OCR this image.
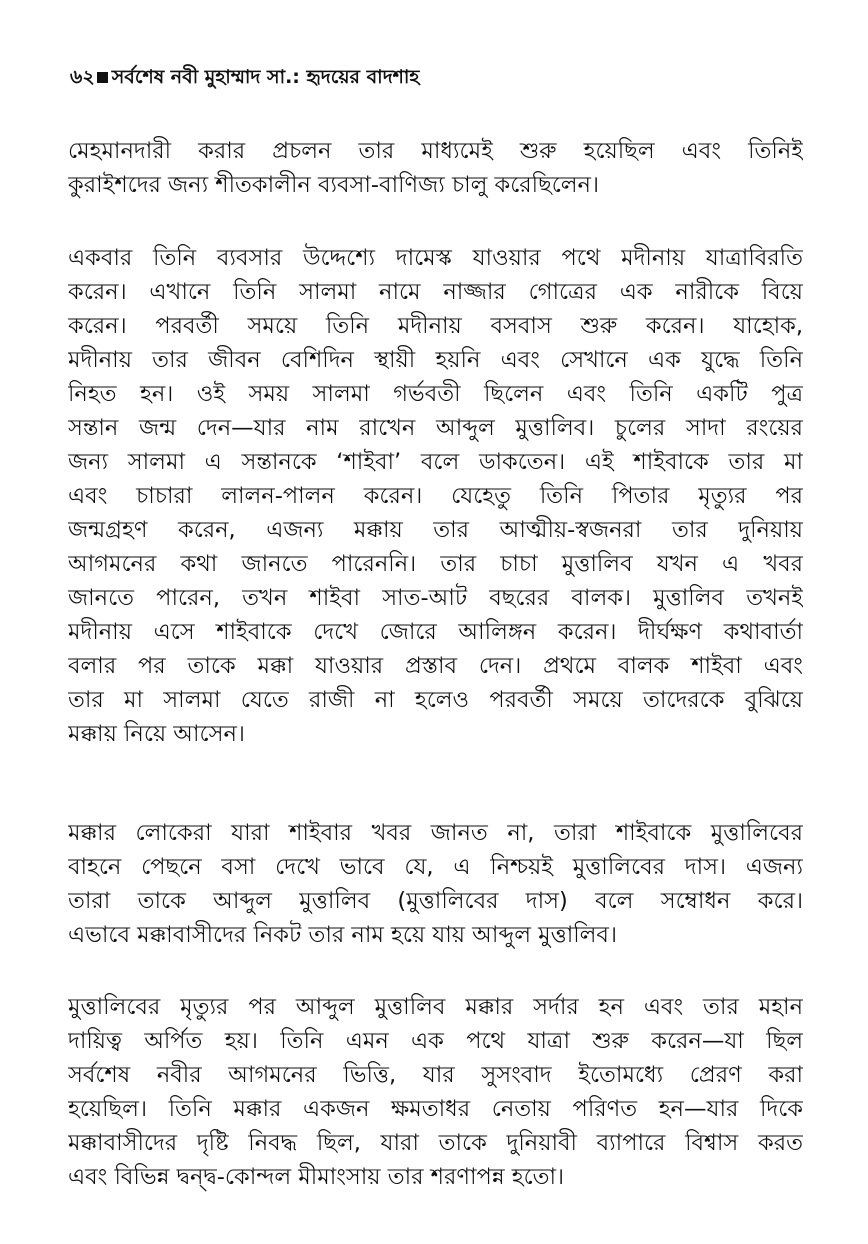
৬২ সর্বশেষ নবী মুহাম্মাদ সা.: হৃদয়ের বাদশাহ
মেহমানদারী করার প্রচলন তার মাধ্যমেই শুরু হয়েছিল এবং তিনিই
কুরাইশদের জন্য শীতকালীন ব্যবসা-বাণিজ্য চালু করেছিলেন।
একবার তিনি ব্যবসার উদ্দেশ্যে দামেস্ক যাওয়ার পথে মদীনায় যাত্রাবিরতি
করেন। এখানে তিনি সালমা নামে নাজ্জার গোত্রের এক নারীকে বিয়ে
করেন। পরবর্তী সময়ে তিনি মদীনায় বসবাস শুরু করেন। যাহোক,
মদীনায় তার জীবন বেশিদিন স্থায়ী হয়নি এবং সেখানে এক যুদ্ধে তিনি
নিহত হন। ওই সময় সালমা গর্ভবতী ছিলেন এবং তিনি একটি পুত্র
সন্তান জন্ম দেন—যার নাম রাখেন আব্দুল মুত্তালিব। চুলের সাদা রংয়ের
জন্য সালমা এ সন্তানকে ‘শাইবা’ বলে ডাকতেন। এই শাইবাকে তার মা
এবং চাচারা লালন-পালন করেন। যেহেতু তিনি পিতার মৃত্যুর পর
জন্মগ্রহণ করেন, এজন্য মক্কায় তার আত্মীয়-স্বজনরা তার দুনিয়ায়
আগমনের কথা জানতে পারেননি। তার চাচা মুত্তালিব যখন এ খবর
জানতে পারেন, তখন শাইবা সাত-আট বছরের বালক। মুত্তালিব তখনই
মদীনায় এসে শাইবাকে দেখে জোরে আলিঙ্গন করেন। দীর্ঘক্ষণ কথাবার্তা
বলার পর তাকে মক্কা যাওয়ার প্রস্তাব দেন। প্রথমে বালক শাইবা এবং
তার মা সালমা যেতে রাজী না হলেও পরবর্তী সময়ে তাদেরকে বুঝিয়ে
মক্কায় নিয়ে আসেন।
মক্কার লোকেরা যারা শাইবার খবর জানত না, তারা শাইবাকে মুত্তালিবের
বাহনে পেছনে বসা দেখে ভাবে যে, এ নিশ্চয়ই মুত্তালিবের দাস। এজন্য
তারা তাকে আব্দুল মুত্তালিব (মুত্তালিবের দাস) বলে সম্বোধন করে।
এভাবে মক্কাবাসীদের নিকট তার নাম হয়ে যায় আব্দুল মুত্তালিব।
মুত্তালিবের মৃত্যুর পর আব্দুল মুত্তালিব মক্কার সর্দার হন এবং তার মহান
দায়িত্ব অর্পিত হয়। তিনি এমন এক পথে যাত্রা শুরু করেন—যা ছিল
সর্বশেষ নবীর আগমনের ভিত্তি, যার সুসংবাদ ইতোমধ্যে প্রেরণ করা
হয়েছিল। তিনি মক্কার একজন ক্ষমতাধর নেতায় পরিণত হন—যার দিকে
মক্কাবাসীদের দৃষ্টি নিবদ্ধ ছিল, যারা তাকে দুনিয়াবী ব্যাপারে বিশ্বাস করত
এবং বিভিন্ন দ্বন্দ্ব-কোন্দল মীমাংসায় তার শরণাপন্ন হতো।
